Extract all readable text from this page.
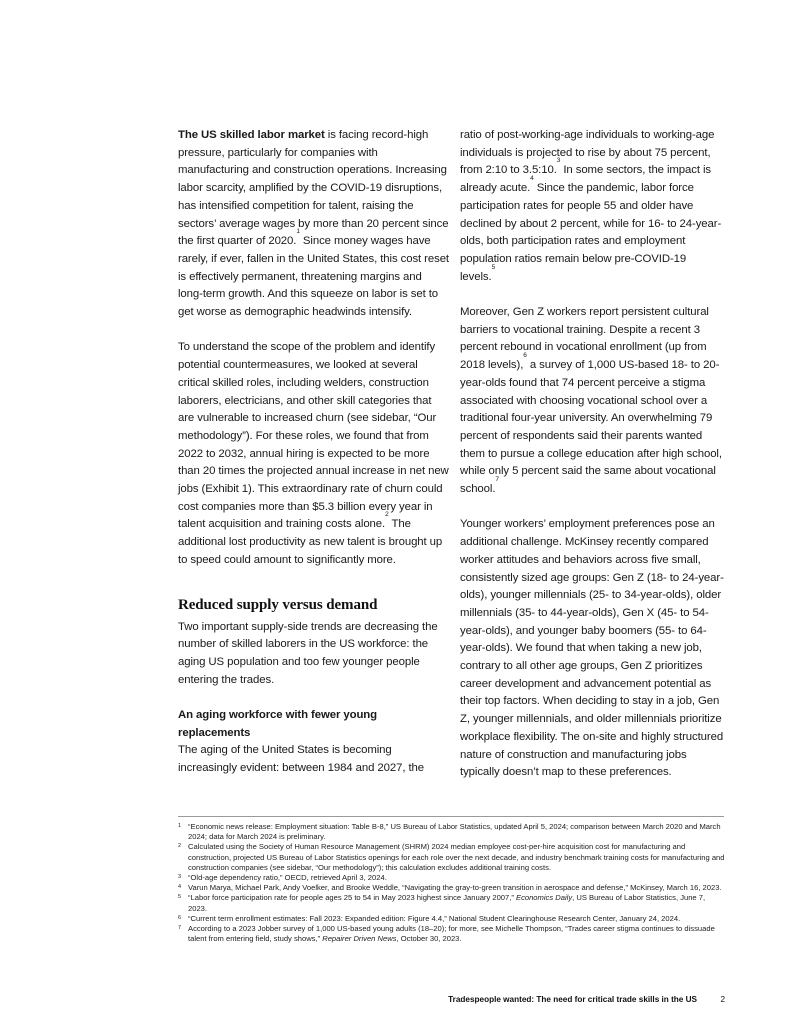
The US skilled labor market is facing record-high pressure, particularly for companies with manufacturing and construction operations. Increasing labor scarcity, amplified by the COVID-19 disruptions, has intensified competition for talent, raising the sectors’ average wages by more than 20 percent since the first quarter of 2020.$^1$ Since money wages have rarely, if ever, fallen in the United States, this cost reset is effectively permanent, threatening margins and long-term growth. And this squeeze on labor is set to get worse as demographic headwinds intensify.

To understand the scope of the problem and identify potential countermeasures, we looked at several critical skilled roles, including welders, construction laborers, electricians, and other skill categories that are vulnerable to increased churn (see sidebar, “Our methodology”). For these roles, we found that from 2022 to 2032, annual hiring is expected to be more than 20 times the projected annual increase in net new jobs (Exhibit 1). This extraordinary rate of churn could cost companies more than $5.3 billion every year in talent acquisition and training costs alone.$^2$ The additional lost productivity as new talent is brought up to speed could amount to significantly more.

Reduced supply versus demand

Two important supply-side trends are decreasing the number of skilled laborers in the US workforce: the aging US population and too few younger people entering the trades.

An aging workforce with fewer young replacements

The aging of the United States is becoming increasingly evident: between 1984 and 2027, the

ratio of post-working-age individuals to working-age individuals is projected to rise by about 75 percent, from 2:10 to 3.5:10.$^3$ In some sectors, the impact is already acute.$^4$ Since the pandemic, labor force participation rates for people 55 and older have declined by about 2 percent, while for 16- to 24-year-olds, both participation rates and employment population ratios remain below pre-COVID-19 levels.$^5$

Moreover, Gen Z workers report persistent cultural barriers to vocational training. Despite a recent 3 percent rebound in vocational enrollment (up from 2018 levels),$^6$ a survey of 1,000 US-based 18- to 20-year-olds found that 74 percent perceive a stigma associated with choosing vocational school over a traditional four-year university. An overwhelming 79 percent of respondents said their parents wanted them to pursue a college education after high school, while only 5 percent said the same about vocational school.$^7$

Younger workers’ employment preferences pose an additional challenge. McKinsey recently compared worker attitudes and behaviors across five small, consistently sized age groups: Gen Z (18- to 24-year-olds), younger millennials (25- to 34-year-olds), older millennials (35- to 44-year-olds), Gen X (45- to 54-year-olds), and younger baby boomers (55- to 64-year-olds). We found that when taking a new job, contrary to all other age groups, Gen Z prioritizes career development and advancement potential as their top factors. When deciding to stay in a job, Gen Z, younger millennials, and older millennials prioritize workplace flexibility. The on-site and highly structured nature of construction and manufacturing jobs typically doesn’t map to these preferences.

1 “Economic news release: Employment situation: Table B-8,” US Bureau of Labor Statistics, updated April 5, 2024; comparison between March 2020 and March 2024; data for March 2024 is preliminary.
2 Calculated using the Society of Human Resource Management (SHRM) 2024 median employee cost-per-hire acquisition cost for manufacturing and construction, projected US Bureau of Labor Statistics openings for each role over the next decade, and industry benchmark training costs for manufacturing and construction companies (see sidebar, “Our methodology”); this calculation excludes additional training costs.
3 “Old-age dependency ratio,” OECD, retrieved April 3, 2024.
4 Varun Marya, Michael Park, Andy Voelker, and Brooke Weddle, “Navigating the gray-to-green transition in aerospace and defense,” McKinsey, March 16, 2023.
5 “Labor force participation rate for people ages 25 to 54 in May 2023 highest since January 2007,” Economics Daily, US Bureau of Labor Statistics, June 7, 2023.
6 “Current term enrollment estimates: Fall 2023: Expanded edition: Figure 4.4,” National Student Clearinghouse Research Center, January 24, 2024.
7 According to a 2023 Jobber survey of 1,000 US-based young adults (18–20); for more, see Michelle Thompson, “Trades career stigma continues to dissuade talent from entering field, study shows,” Repairer Driven News, October 30, 2023.
Tradespeople wanted: The need for critical trade skills in the US	2
